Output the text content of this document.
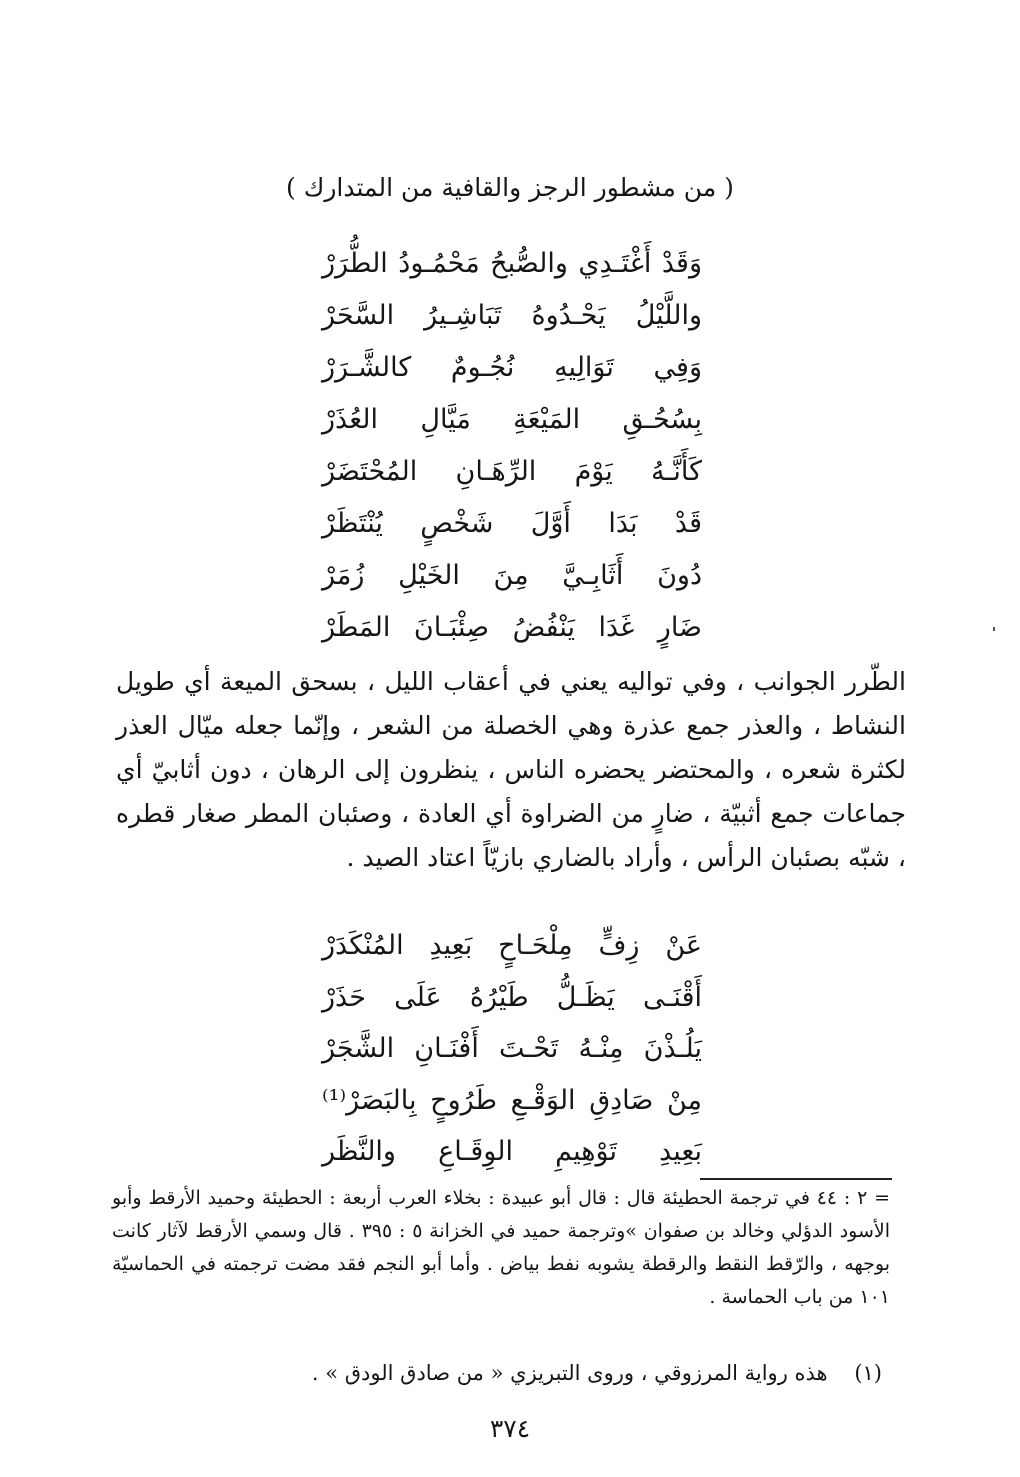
( من مشطور الرجز والقافية من المتدارك )
وَقَدْ أَغْتَـدِي والصُّبحُ مَحْمُـودُ الطُّرَرْ
واللَّيْلُ يَحْـدُوهُ تَبَاشِـيرُ السَّحَرْ
وَفِي تَوَالِيهِ نُجُـومٌ كالشَّـرَرْ
بِسُحُـقِ المَيْعَةِ مَيَّالِ العُذَرْ
كَأَنَّـهُ يَوْمَ الرِّهَـانِ المُحْتَضَرْ
قَدْ بَدَا أَوَّلَ شَخْصٍ يُنْتَظَرْ
دُونَ أَثَابِـيَّ مِنَ الخَيْلِ زُمَرْ
ضَارٍ غَدَا يَنْفُضُ صِئْبَـانَ المَطَرْ

الطّرر الجوانب ، وفي تواليه يعني في أعقاب الليل ، بسحق الميعة أي طويل النشاط ، والعذر جمع عذرة وهي الخصلة من الشعر ، وإنّما جعله ميّال العذر لكثرة شعره ، والمحتضر يحضره الناس ، ينظرون إلى الرهان ، دون أثابيّ أي جماعات جمع أثبيّة ، ضارٍ من الضراوة أي العادة ، وصئبان المطر صغار قطره ، شبّه بصئبان الرأس ، وأراد بالضاري بازيّاً اعتاد الصيد .

عَنْ زِفٍّ مِلْحَـاحٍ بَعِيدِ المُنْكَدَرْ
أَقْنَـى يَظَـلُّ طَيْرُهُ عَلَى حَذَرْ
يَلُـذْنَ مِنْـهُ تَحْـتَ أَفْنَـانِ الشَّجَرْ
مِنْ صَادِقِ الوَقْـعِ طَرُوحٍ بِالبَصَرْ⁽¹⁾
بَعِيدِ تَوْهِيمِ الوِقَـاعِ والنَّظَر

= ٢ : ٤٤ في ترجمة الحطيئة قال : قال أبو عبيدة : بخلاء العرب أربعة : الحطيئة وحميد الأرقط وأبو الأسود الدؤلي وخالد بن صفوان »وترجمة حميد في الخزانة ٥ : ٣٩٥ . قال وسمي الأرقط لآثار كانت بوجهه ، والرّقط النقط والرقطة يشوبه نفط بياض . وأما أبو النجم فقد مضت ترجمته في الحماسيّة ١٠١ من باب الحماسة .

(١) هذه رواية المرزوقي ، وروى التبريزي « من صادق الودق » .

٣٧٤
